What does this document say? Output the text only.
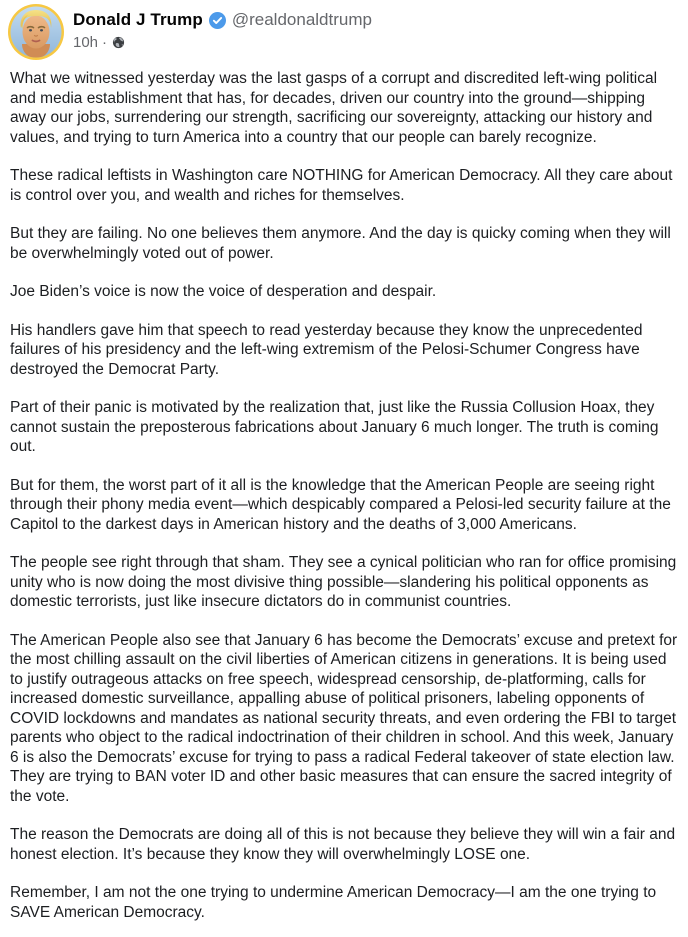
Donald J Trump @realdonaldtrump
10h ·

What we witnessed yesterday was the last gasps of a corrupt and discredited left-wing political and media establishment that has, for decades, driven our country into the ground—shipping away our jobs, surrendering our strength, sacrificing our sovereignty, attacking our history and values, and trying to turn America into a country that our people can barely recognize.

These radical leftists in Washington care NOTHING for American Democracy. All they care about is control over you, and wealth and riches for themselves.

But they are failing. No one believes them anymore. And the day is quicky coming when they will be overwhelmingly voted out of power.

Joe Biden’s voice is now the voice of desperation and despair.

His handlers gave him that speech to read yesterday because they know the unprecedented failures of his presidency and the left-wing extremism of the Pelosi-Schumer Congress have destroyed the Democrat Party.

Part of their panic is motivated by the realization that, just like the Russia Collusion Hoax, they cannot sustain the preposterous fabrications about January 6 much longer. The truth is coming out.

But for them, the worst part of it all is the knowledge that the American People are seeing right through their phony media event—which despicably compared a Pelosi-led security failure at the Capitol to the darkest days in American history and the deaths of 3,000 Americans.

The people see right through that sham. They see a cynical politician who ran for office promising unity who is now doing the most divisive thing possible—slandering his political opponents as domestic terrorists, just like insecure dictators do in communist countries.

The American People also see that January 6 has become the Democrats’ excuse and pretext for the most chilling assault on the civil liberties of American citizens in generations. It is being used to justify outrageous attacks on free speech, widespread censorship, de-platforming, calls for increased domestic surveillance, appalling abuse of political prisoners, labeling opponents of COVID lockdowns and mandates as national security threats, and even ordering the FBI to target parents who object to the radical indoctrination of their children in school. And this week, January 6 is also the Democrats’ excuse for trying to pass a radical Federal takeover of state election law. They are trying to BAN voter ID and other basic measures that can ensure the sacred integrity of the vote.

The reason the Democrats are doing all of this is not because they believe they will win a fair and honest election. It’s because they know they will overwhelmingly LOSE one.

Remember, I am not the one trying to undermine American Democracy—I am the one trying to SAVE American Democracy.
